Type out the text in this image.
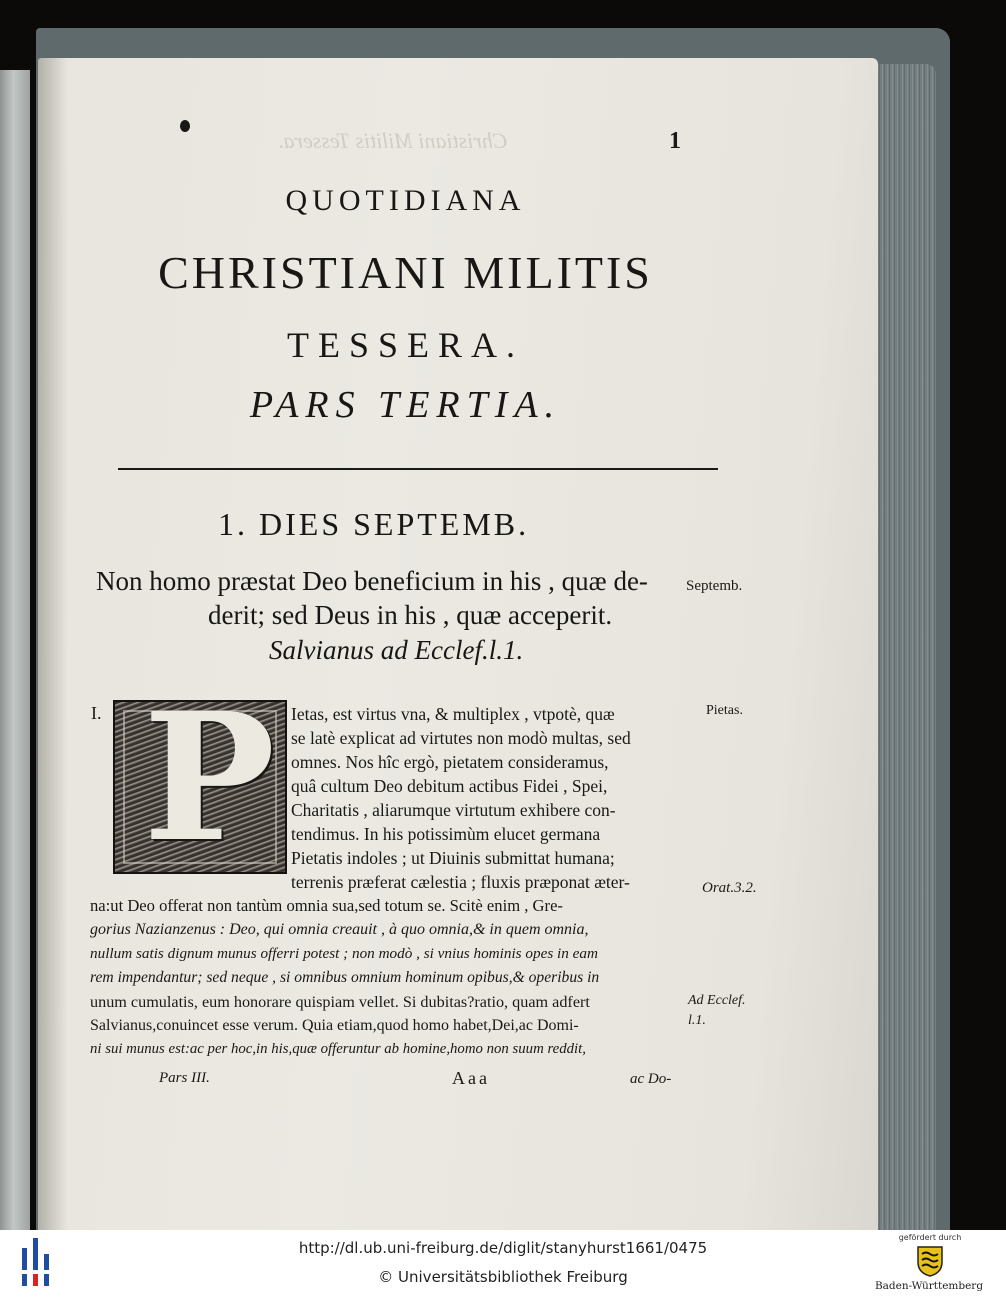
Christiani Militis Tessera.	1
QUOTIDIANA
CHRISTIANI MILITIS
TESSERA.
PARS TERTIA.
1. DIES SEPTEMB.
Non homo præstat Deo beneficium in his , quæ de-
derit; sed Deus in his , quæ acceperit.
Salvianus ad Ecclef.l.1.
Septemb.
Pietas.
Orat.3.2.
Ad Ecclef.
l.1.
I. P Ietas, est virtus vna, & multiplex , vtpotè, quæ
se latè explicat ad virtutes non modò multas, sed
omnes. Nos hîc ergò, pietatem consideramus,
quâ cultum Deo debitum actibus Fidei , Spei,
Charitatis , aliarumque virtutum exhibere con-
tendimus. In his potissimùm elucet germana
Pietatis indoles ; ut Diuinis submittat humana;
terrenis præferat cælestia ; fluxis præponat æter-
na:ut Deo offerat non tantùm omnia sua,sed totum se. Scitè enim , Gre-
gorius Nazianzenus : Deo, qui omnia creauit , à quo omnia,& in quem omnia,
nullum satis dignum munus offerri potest ; non modò , si vnius hominis opes in eam
rem impendantur; sed neque , si omnibus omnium hominum opibus,& operibus in
unum cumulatis, eum honorare quispiam vellet. Si dubitas?ratio, quam adfert
Salvianus,conuincet esse verum. Quia etiam,quod homo habet,Dei,ac Domi-
ni sui munus est:ac per hoc,in his,quæ offeruntur ab homine,homo non suum reddit,
Pars III.	Aaa	ac Do-
http://dl.ub.uni-freiburg.de/diglit/stanyhurst1661/0475
© Universitätsbibliothek Freiburg
gefördert durch
Baden-Württemberg
